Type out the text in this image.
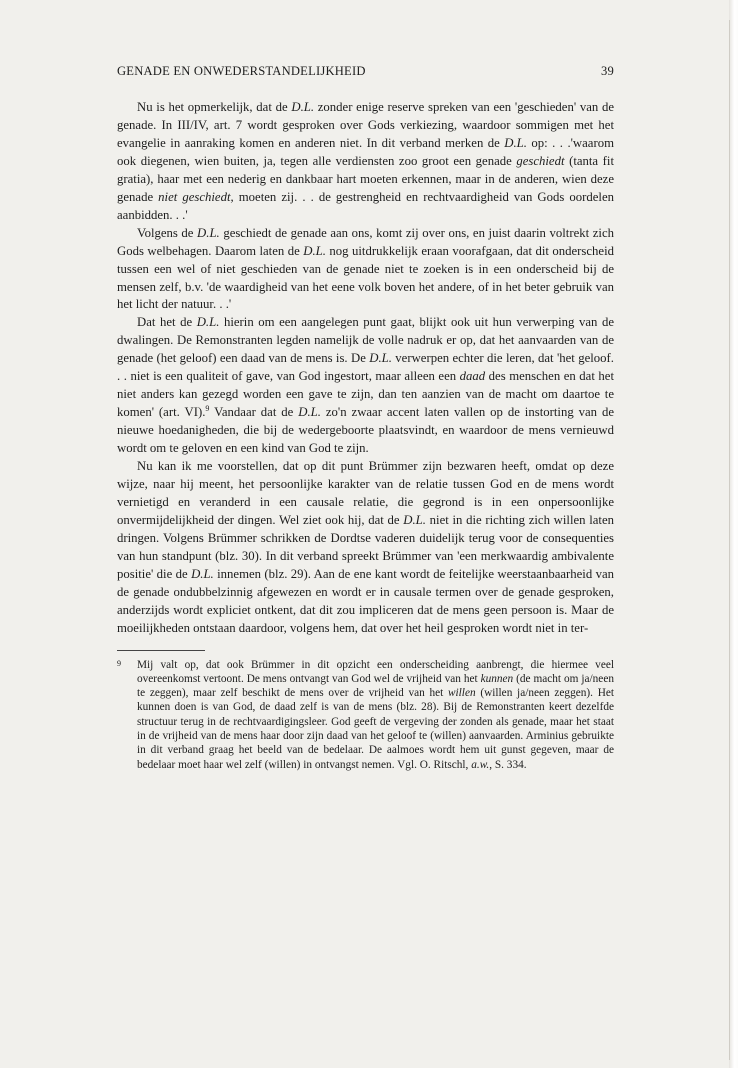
GENADE EN ONWEDERSTANDELIJKHEID	39

Nu is het opmerkelijk, dat de D.L. zonder enige reserve spreken van een 'geschieden' van de genade. In III/IV, art. 7 wordt gesproken over Gods verkiezing, waardoor sommigen met het evangelie in aanraking komen en anderen niet. In dit verband merken de D.L. op: . . .'waarom ook diegenen, wien buiten, ja, tegen alle verdiensten zoo groot een genade geschiedt (tanta fit gratia), haar met een nederig en dankbaar hart moeten erkennen, maar in de anderen, wien deze genade niet geschiedt, moeten zij. . . de gestrengheid en rechtvaardigheid van Gods oordelen aanbidden. . .'

Volgens de D.L. geschiedt de genade aan ons, komt zij over ons, en juist daarin voltrekt zich Gods welbehagen. Daarom laten de D.L. nog uitdrukkelijk eraan voorafgaan, dat dit onderscheid tussen een wel of niet geschieden van de genade niet te zoeken is in een onderscheid bij de mensen zelf, b.v. 'de waardigheid van het eene volk boven het andere, of in het beter gebruik van het licht der natuur. . .'

Dat het de D.L. hierin om een aangelegen punt gaat, blijkt ook uit hun verwerping van de dwalingen. De Remonstranten legden namelijk de volle nadruk er op, dat het aanvaarden van de genade (het geloof) een daad van de mens is. De D.L. verwerpen echter die leren, dat 'het geloof. . . niet is een qualiteit of gave, van God ingestort, maar alleen een daad des menschen en dat het niet anders kan gezegd worden een gave te zijn, dan ten aanzien van de macht om daartoe te komen' (art. VI).$^9$ Vandaar dat de D.L. zo'n zwaar accent laten vallen op de instorting van de nieuwe hoedanigheden, die bij de wedergeboorte plaatsvindt, en waardoor de mens vernieuwd wordt om te geloven en een kind van God te zijn.

Nu kan ik me voorstellen, dat op dit punt Brümmer zijn bezwaren heeft, omdat op deze wijze, naar hij meent, het persoonlijke karakter van de relatie tussen God en de mens wordt vernietigd en veranderd in een causale relatie, die gegrond is in een onpersoonlijke onvermijdelijkheid der dingen. Wel ziet ook hij, dat de D.L. niet in die richting zich willen laten dringen. Volgens Brümmer schrikken de Dordtse vaderen duidelijk terug voor de consequenties van hun standpunt (blz. 30). In dit verband spreekt Brümmer van 'een merkwaardig ambivalente positie' die de D.L. innemen (blz. 29). Aan de ene kant wordt de feitelijke weerstaanbaarheid van de genade ondubbelzinnig afgewezen en wordt er in causale termen over de genade gesproken, anderzijds wordt expliciet ontkent, dat dit zou impliceren dat de mens geen persoon is. Maar de moeilijkheden ontstaan daardoor, volgens hem, dat over het heil gesproken wordt niet in ter-

9	Mij valt op, dat ook Brümmer in dit opzicht een onderscheiding aanbrengt, die hiermee veel overeenkomst vertoont. De mens ontvangt van God wel de vrijheid van het kunnen (de macht om ja/neen te zeggen), maar zelf beschikt de mens over de vrijheid van het willen (willen ja/neen zeggen). Het kunnen doen is van God, de daad zelf is van de mens (blz. 28). Bij de Remonstranten keert dezelfde structuur terug in de rechtvaardigingsleer. God geeft de vergeving der zonden als genade, maar het staat in de vrijheid van de mens haar door zijn daad van het geloof te (willen) aanvaarden. Arminius gebruikte in dit verband graag het beeld van de bedelaar. De aalmoes wordt hem uit gunst gegeven, maar de bedelaar moet haar wel zelf (willen) in ontvangst nemen. Vgl. O. Ritschl, a.w., S. 334.
